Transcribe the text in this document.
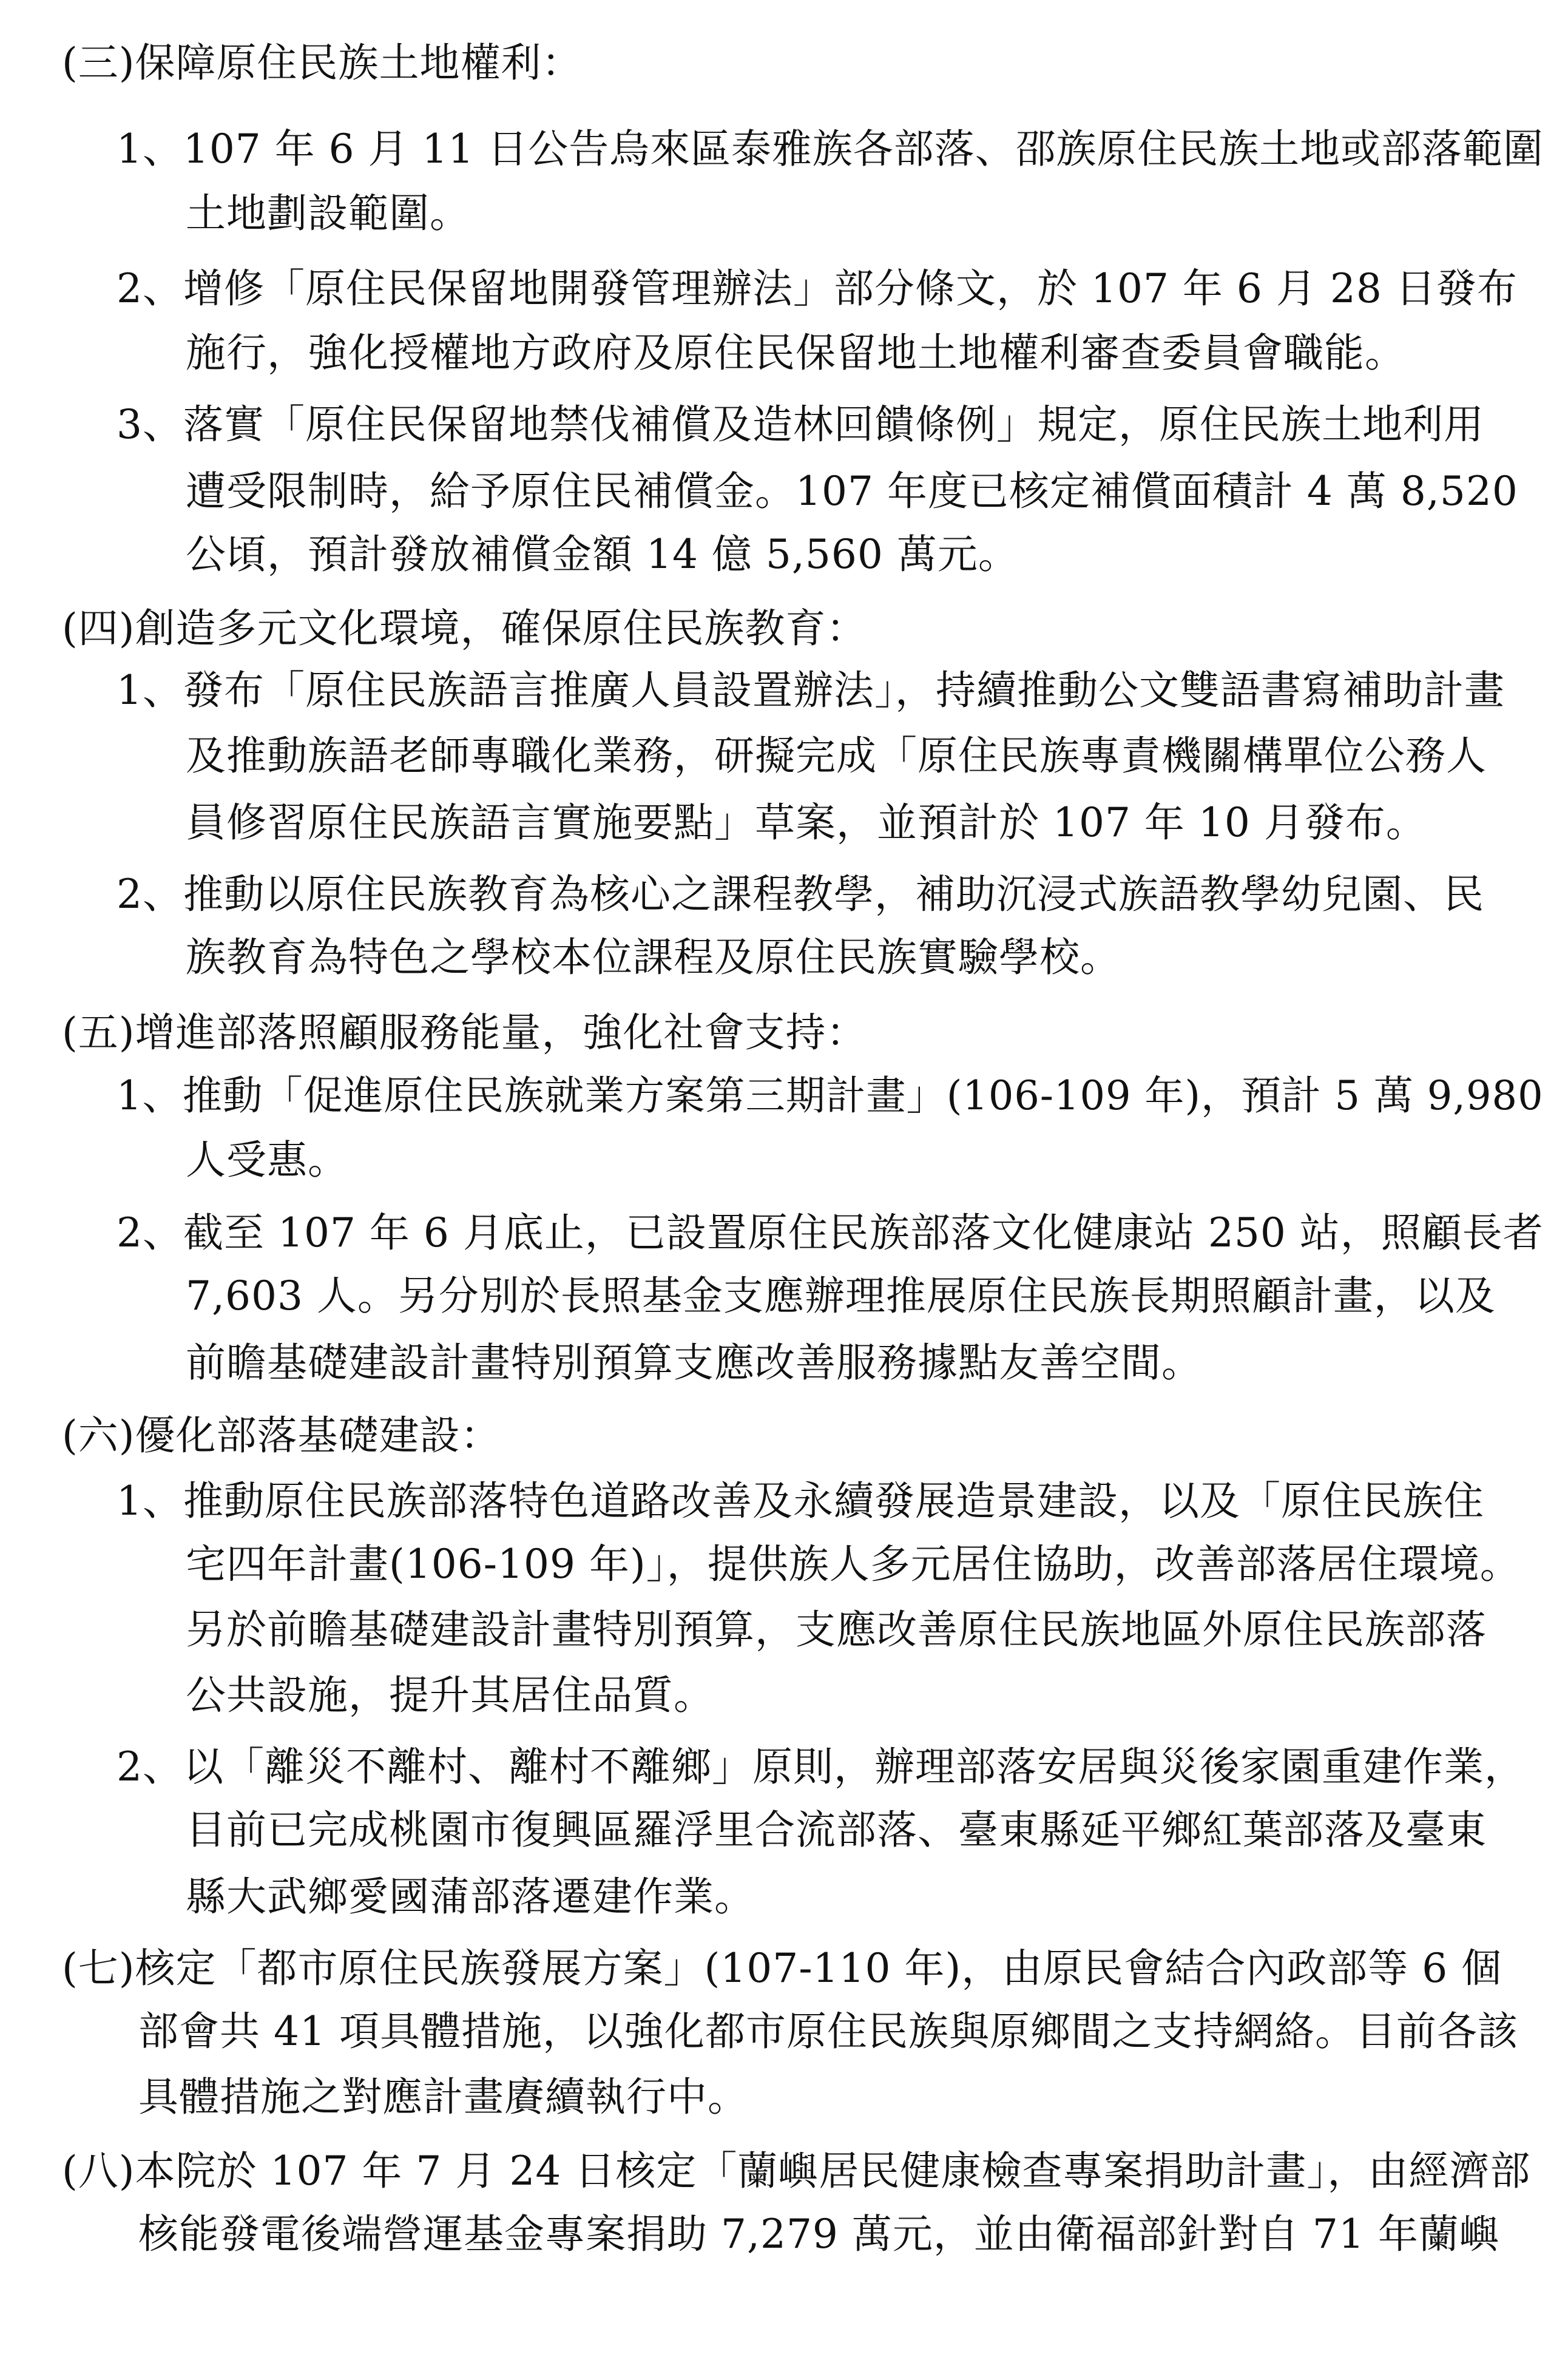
(三)保障原住民族土地權利：
1、107 年 6 月 11 日公告烏來區泰雅族各部落、邵族原住民族土地或部落範圍
土地劃設範圍。
2、增修「原住民保留地開發管理辦法」部分條文，於 107 年 6 月 28 日發布
施行，強化授權地方政府及原住民保留地土地權利審查委員會職能。
3、落實「原住民保留地禁伐補償及造林回饋條例」規定，原住民族土地利用
遭受限制時，給予原住民補償金。107 年度已核定補償面積計 4 萬 8,520
公頃，預計發放補償金額 14 億 5,560 萬元。
(四)創造多元文化環境，確保原住民族教育：
1、發布「原住民族語言推廣人員設置辦法」，持續推動公文雙語書寫補助計畫
及推動族語老師專職化業務，研擬完成「原住民族專責機關構單位公務人
員修習原住民族語言實施要點」草案，並預計於 107 年 10 月發布。
2、推動以原住民族教育為核心之課程教學，補助沉浸式族語教學幼兒園、民
族教育為特色之學校本位課程及原住民族實驗學校。
(五)增進部落照顧服務能量，強化社會支持：
1、推動「促進原住民族就業方案第三期計畫」(106-109 年)，預計 5 萬 9,980
人受惠。
2、截至 107 年 6 月底止，已設置原住民族部落文化健康站 250 站，照顧長者
7,603 人。另分別於長照基金支應辦理推展原住民族長期照顧計畫，以及
前瞻基礎建設計畫特別預算支應改善服務據點友善空間。
(六)優化部落基礎建設：
1、推動原住民族部落特色道路改善及永續發展造景建設，以及「原住民族住
宅四年計畫(106-109 年)」，提供族人多元居住協助，改善部落居住環境。
另於前瞻基礎建設計畫特別預算，支應改善原住民族地區外原住民族部落
公共設施，提升其居住品質。
2、以「離災不離村、離村不離鄉」原則，辦理部落安居與災後家園重建作業，
目前已完成桃園市復興區羅浮里合流部落、臺東縣延平鄉紅葉部落及臺東
縣大武鄉愛國蒲部落遷建作業。
(七)核定「都市原住民族發展方案」(107-110 年)，由原民會結合內政部等 6 個
部會共 41 項具體措施，以強化都市原住民族與原鄉間之支持網絡。目前各該
具體措施之對應計畫賡續執行中。
(八)本院於 107 年 7 月 24 日核定「蘭嶼居民健康檢查專案捐助計畫」，由經濟部
核能發電後端營運基金專案捐助 7,279 萬元，並由衛福部針對自 71 年蘭嶼
